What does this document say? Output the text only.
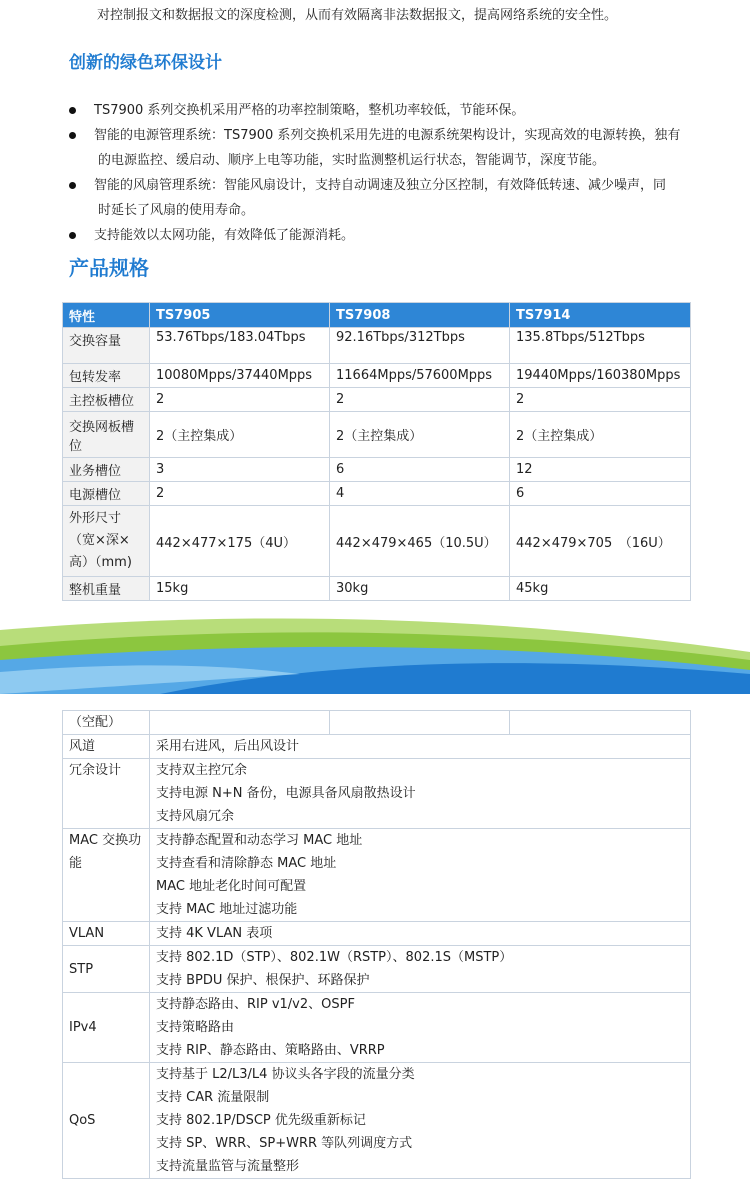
对控制报文和数据报文的深度检测，从而有效隔离非法数据报文，提高网络系统的安全性。
创新的绿色环保设计
TS7900 系列交换机采用严格的功率控制策略，整机功率较低，节能环保。
智能的电源管理系统：TS7900 系列交换机采用先进的电源系统架构设计，实现高效的电源转换，独有
的电源监控、缓启动、顺序上电等功能，实时监测整机运行状态，智能调节，深度节能。
智能的风扇管理系统：智能风扇设计，支持自动调速及独立分区控制，有效降低转速、减少噪声，同
时延长了风扇的使用寿命。
支持能效以太网功能，有效降低了能源消耗。
产品规格
特性	TS7905	TS7908	TS7914
交换容量	53.76Tbps/183.04Tbps	92.16Tbps/312Tbps	135.8Tbps/512Tbps
包转发率	10080Mpps/37440Mpps	11664Mpps/57600Mpps	19440Mpps/160380Mpps
主控板槽位	2	2	2
交换网板槽位	2（主控集成）	2（主控集成）	2（主控集成）
业务槽位	3	6	12
电源槽位	2	4	6
外形尺寸（宽×深×高）（mm)	442×477×175（4U）	442×479×465（10.5U）	442×479×705　（16U）
整机重量	15kg	30kg	45kg
（空配）			
风道	采用右进风，后出风设计		

冗余设计	支持双主控冗余
支持电源 N+N 备份，电源具备风扇散热设计
支持风扇冗余		

MAC 交换功能	支持静态配置和动态学习 MAC 地址
支持查看和清除静态 MAC 地址
MAC 地址老化时间可配置
支持 MAC 地址过滤功能		

VLAN	支持 4K VLAN 表项		

STP	支持 802.1D（STP）、802.1W（RSTP）、802.1S（MSTP）
支持 BPDU 保护、根保护、环路保护		

IPv4	支持静态路由、RIP v1/v2、OSPF
支持策略路由
支持 RIP、静态路由、策略路由、VRRP		

QoS	支持基于 L2/L3/L4 协议头各字段的流量分类
支持 CAR 流量限制
支持 802.1P/DSCP 优先级重新标记
支持 SP、WRR、SP+WRR 等队列调度方式
支持流量监管与流量整形		
